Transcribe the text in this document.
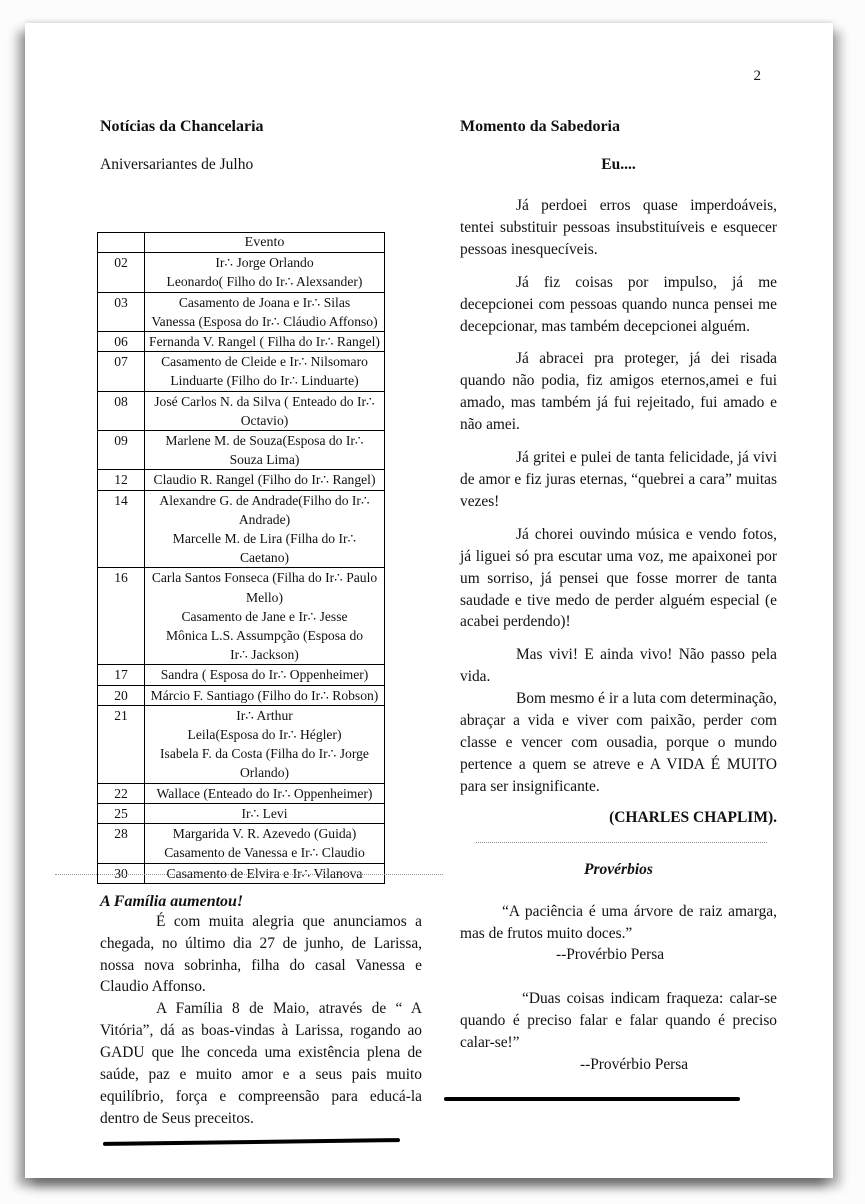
2
Notícias da Chancelaria
Aniversariantes de Julho
	Evento
02	Ir∴ Jorge Orlando
Leonardo( Filho do Ir∴ Alexsander)

03	Casamento de Joana e Ir∴ Silas
Vanessa (Esposa do Ir∴ Cláudio Affonso)

06	Fernanda V. Rangel ( Filha do Ir∴ Rangel)

07	Casamento de Cleide e Ir∴ Nilsomaro
Linduarte (Filho do Ir∴ Linduarte)

08	José Carlos N. da Silva ( Enteado do Ir∴
Octavio)

09	Marlene M. de Souza(Esposa do Ir∴
Souza Lima)

12	Claudio R. Rangel (Filho do Ir∴ Rangel)

14	Alexandre G. de Andrade(Filho do Ir∴
Andrade)
Marcelle M. de Lira (Filha do Ir∴
Caetano)

16	Carla Santos Fonseca (Filha do Ir∴ Paulo
Mello)
Casamento de Jane e Ir∴ Jesse
Mônica L.S. Assumpção (Esposa do
Ir∴ Jackson)

17	Sandra ( Esposa do Ir∴ Oppenheimer)

20	Márcio F. Santiago (Filho do Ir∴ Robson)

21	Ir∴ Arthur
Leila(Esposa do Ir∴ Hégler)
Isabela F. da Costa (Filha do Ir∴ Jorge
Orlando)

22	Wallace (Enteado do Ir∴ Oppenheimer)

25	Ir∴ Levi

28	Margarida V. R. Azevedo (Guida)
Casamento de Vanessa e Ir∴ Claudio

30	Casamento de Elvira e Ir∴ Vilanova
A Família aumentou!

É com muita alegria que anunciamos a chegada, no último dia 27 de junho, de Larissa, nossa nova sobrinha, filha do casal Vanessa e Claudio Affonso.

A Família 8 de Maio, através de “ A Vitória”, dá as boas-vindas à Larissa, rogando ao GADU que lhe conceda uma existência plena de saúde, paz e muito amor e a seus pais muito equilíbrio, força e compreensão para educá-la dentro de Seus preceitos.

Momento da Sabedoria
Eu....

Já perdoei erros quase imperdoáveis, tentei substituir pessoas insubstituíveis e esquecer pessoas inesquecíveis.

Já fiz coisas por impulso, já me decepcionei com pessoas quando nunca pensei me decepcionar, mas também decepcionei alguém.

Já abracei pra proteger, já dei risada quando não podia, fiz amigos eternos,amei e fui amado, mas também já fui rejeitado, fui amado e não amei.

Já gritei e pulei de tanta felicidade, já vivi de amor e fiz juras eternas, “quebrei a cara” muitas vezes!

Já chorei ouvindo música e vendo fotos, já liguei só pra escutar uma voz, me apaixonei por um sorriso, já pensei que fosse morrer de tanta saudade e tive medo de perder alguém especial (e acabei perdendo)!

Mas vivi! E ainda vivo! Não passo pela vida.

Bom mesmo é ir a luta com determinação, abraçar a vida e viver com paixão, perder com classe e vencer com ousadia, porque o mundo pertence a quem se atreve e A VIDA É MUITO para ser insignificante.

(CHARLES CHAPLIM).
Provérbios

“A paciência é uma árvore de raiz amarga, mas de frutos muito doces.”

--Provérbio Persa

“Duas coisas indicam fraqueza: calar-se quando é preciso falar e falar quando é preciso calar-se!”

--Provérbio Persa
